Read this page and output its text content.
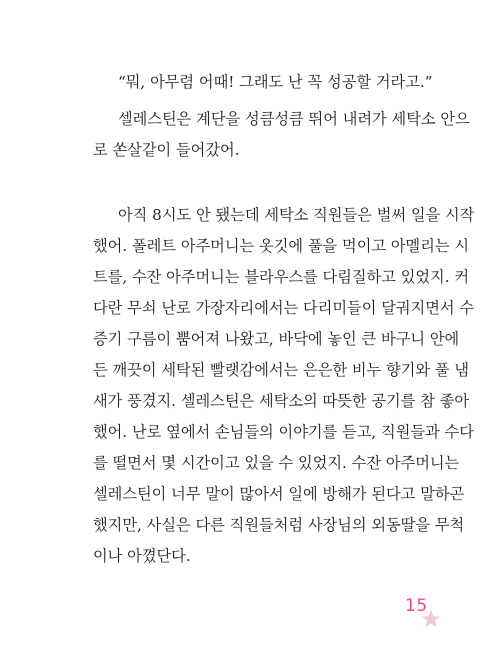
“뭐, 아무렴 어때! 그래도 난 꼭 성공할 거라고.”
셀레스틴은 계단을 성큼성큼 뛰어 내려가 세탁소 안으
로 쏜살같이 들어갔어.
아직 8시도 안 됐는데 세탁소 직원들은 벌써 일을 시작
했어. 폴레트 아주머니는 옷깃에 풀을 먹이고 아멜리는 시
트를, 수잔 아주머니는 블라우스를 다림질하고 있었지. 커
다란 무쇠 난로 가장자리에서는 다리미들이 달궈지면서 수
증기 구름이 뿜어져 나왔고, 바닥에 놓인 큰 바구니 안에
든 깨끗이 세탁된 빨랫감에서는 은은한 비누 향기와 풀 냄
새가 풍겼지. 셀레스틴은 세탁소의 따뜻한 공기를 참 좋아
했어. 난로 옆에서 손님들의 이야기를 듣고, 직원들과 수다
를 떨면서 몇 시간이고 있을 수 있었지. 수잔 아주머니는
셀레스틴이 너무 말이 많아서 일에 방해가 된다고 말하곤
했지만, 사실은 다른 직원들처럼 사장님의 외동딸을 무척
이나 아꼈단다.
15
